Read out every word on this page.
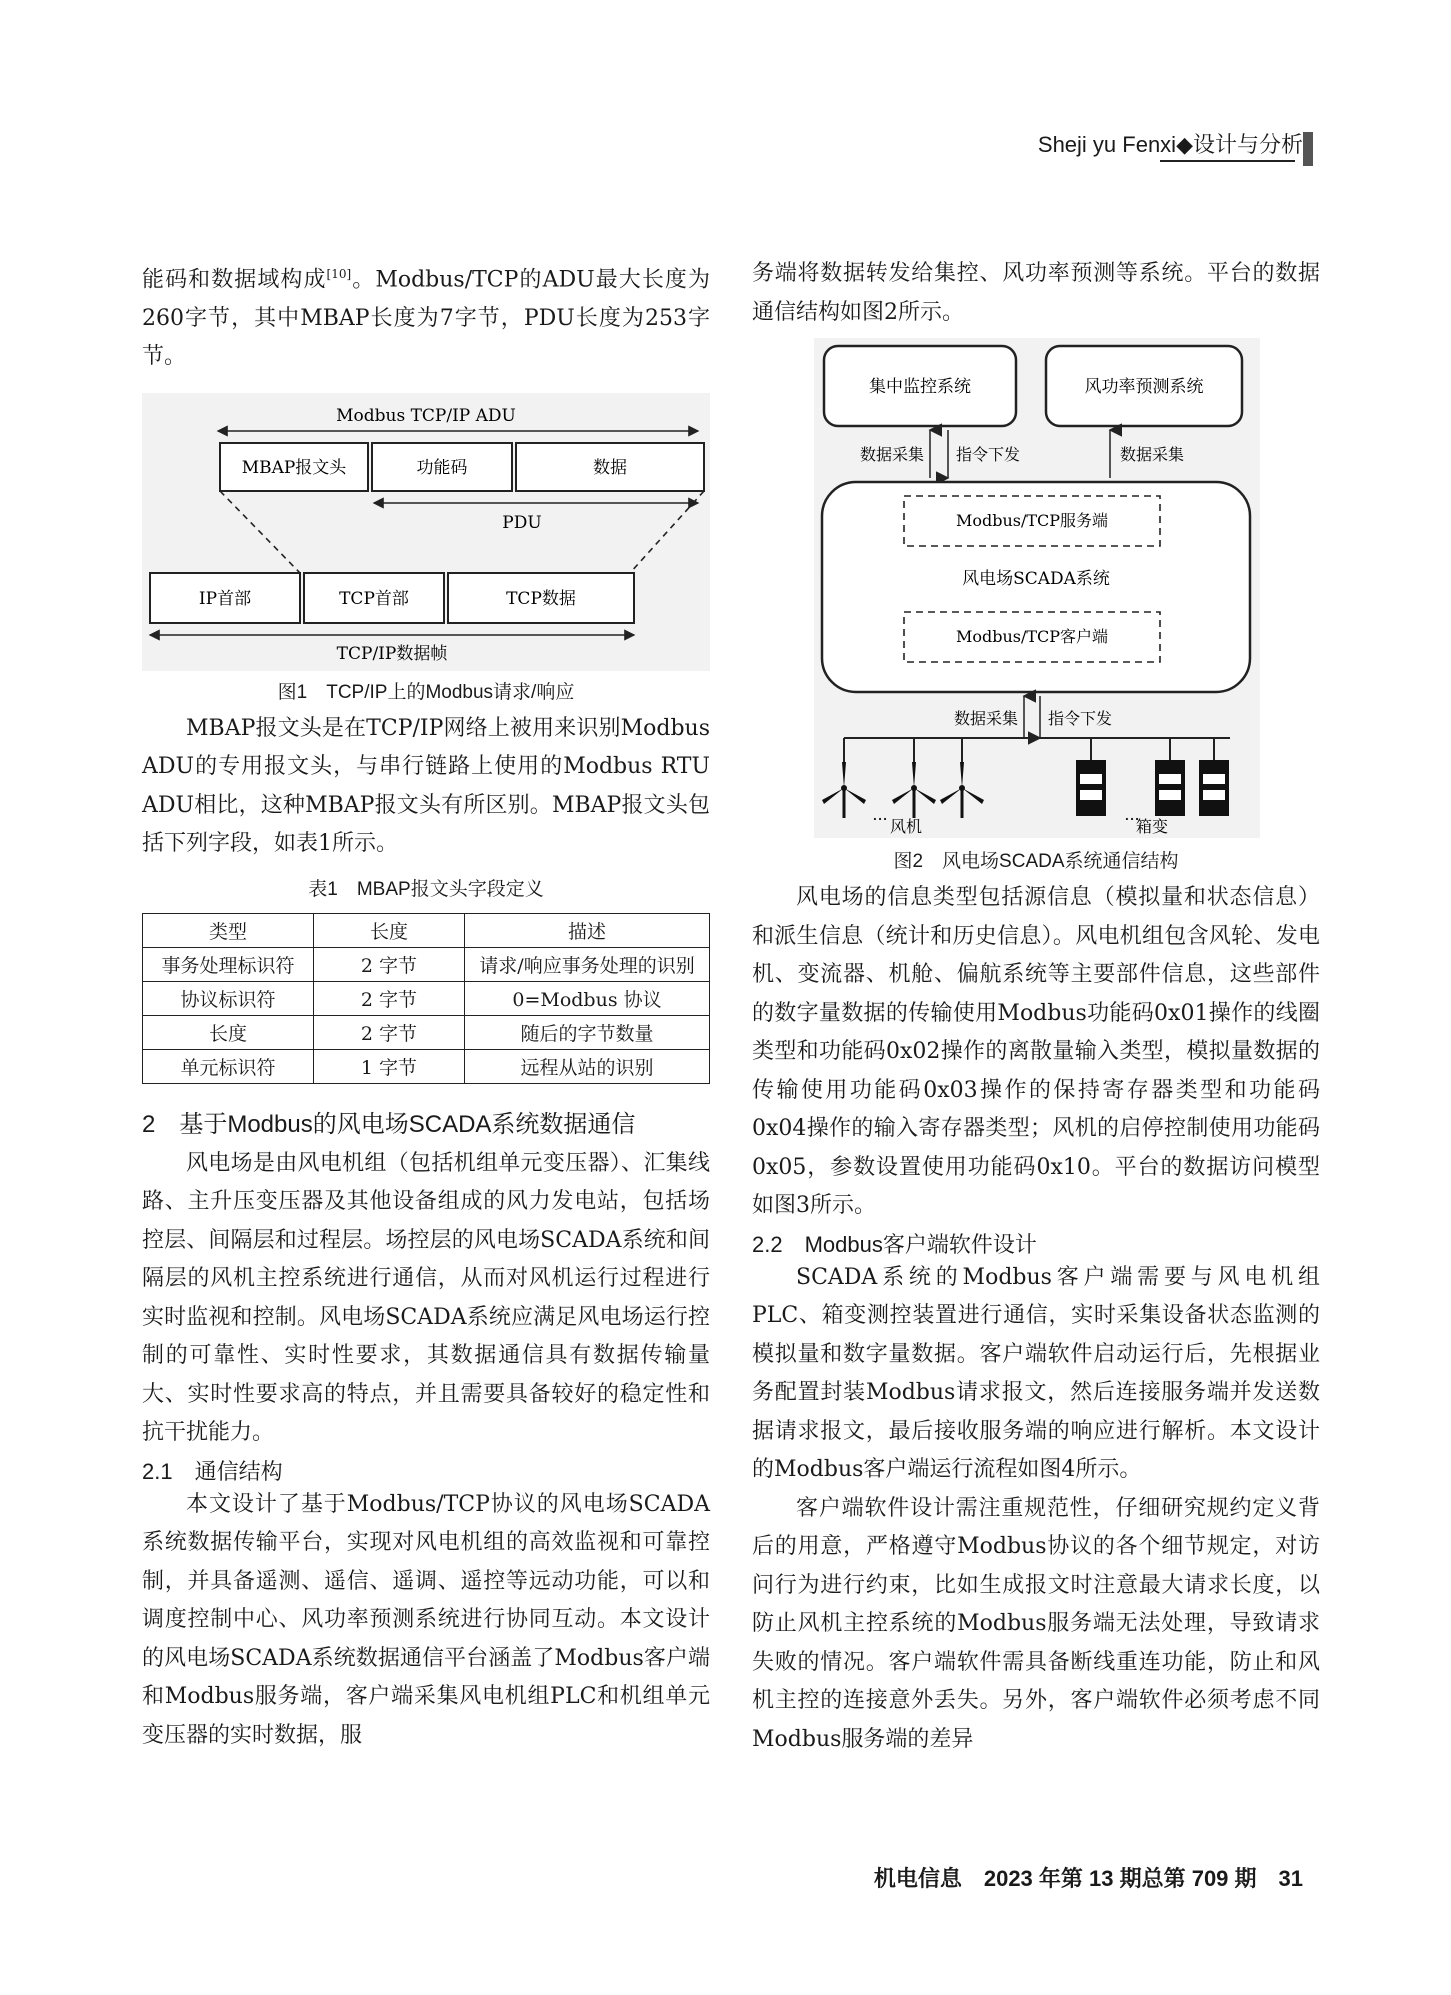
Sheji yu Fenxi◆设计与分析

能码和数据域构成[10]。Modbus/TCP的ADU最大长度为260字节，其中MBAP长度为7字节，PDU长度为253字节。

Modbus TCP/IP ADU
MBAP报文头	功能码	数据
PDU
IP首部	TCP首部	TCP数据
TCP/IP数据帧

图1　TCP/IP上的Modbus请求/响应

MBAP报文头是在TCP/IP网络上被用来识别Modbus ADU的专用报文头，与串行链路上使用的Modbus RTU ADU相比，这种MBAP报文头有所区别。MBAP报文头包括下列字段，如表1所示。

表1　MBAP报文头字段定义

类型	长度	描述
事务处理标识符	2 字节	请求/响应事务处理的识别
协议标识符	2 字节	0=Modbus 协议
长度	2 字节	随后的字节数量
单元标识符	1 字节	远程从站的识别

2　基于Modbus的风电场SCADA系统数据通信

风电场是由风电机组（包括机组单元变压器）、汇集线路、主升压变压器及其他设备组成的风力发电站，包括场控层、间隔层和过程层。场控层的风电场SCADA系统和间隔层的风机主控系统进行通信，从而对风机运行过程进行实时监视和控制。风电场SCADA系统应满足风电场运行控制的可靠性、实时性要求，其数据通信具有数据传输量大、实时性要求高的特点，并且需要具备较好的稳定性和抗干扰能力。

2.1　通信结构

本文设计了基于Modbus/TCP协议的风电场SCADA系统数据传输平台，实现对风电机组的高效监视和可靠控制，并具备遥测、遥信、遥调、遥控等远动功能，可以和调度控制中心、风功率预测系统进行协同互动。本文设计的风电场SCADA系统数据通信平台涵盖了Modbus客户端和Modbus服务端，客户端采集风电机组PLC和机组单元变压器的实时数据，服

务端将数据转发给集控、风功率预测等系统。平台的数据通信结构如图2所示。

集中监控系统	风功率预测系统
数据采集 指令下发	数据采集
Modbus/TCP服务端
风电场SCADA系统
Modbus/TCP客户端
数据采集 指令下发
...	...
风机	箱变

图2　风电场SCADA系统通信结构

风电场的信息类型包括源信息（模拟量和状态信息）和派生信息（统计和历史信息）。风电机组包含风轮、发电机、变流器、机舱、偏航系统等主要部件信息，这些部件的数字量数据的传输使用Modbus功能码0x01操作的线圈类型和功能码0x02操作的离散量输入类型，模拟量数据的传输使用功能码0x03操作的保持寄存器类型和功能码0x04操作的输入寄存器类型；风机的启停控制使用功能码0x05，参数设置使用功能码0x10。平台的数据访问模型如图3所示。

2.2　Modbus客户端软件设计

SCADA系统的Modbus客户端需要与风电机组PLC、箱变测控装置进行通信，实时采集设备状态监测的模拟量和数字量数据。客户端软件启动运行后，先根据业务配置封装Modbus请求报文，然后连接服务端并发送数据请求报文，最后接收服务端的响应进行解析。本文设计的Modbus客户端运行流程如图4所示。

客户端软件设计需注重规范性，仔细研究规约定义背后的用意，严格遵守Modbus协议的各个细节规定，对访问行为进行约束，比如生成报文时注意最大请求长度，以防止风机主控系统的Modbus服务端无法处理，导致请求失败的情况。客户端软件需具备断线重连功能，防止和风机主控的连接意外丢失。另外，客户端软件必须考虑不同Modbus服务端的差异

机电信息　2023 年第 13 期总第 709 期　31
